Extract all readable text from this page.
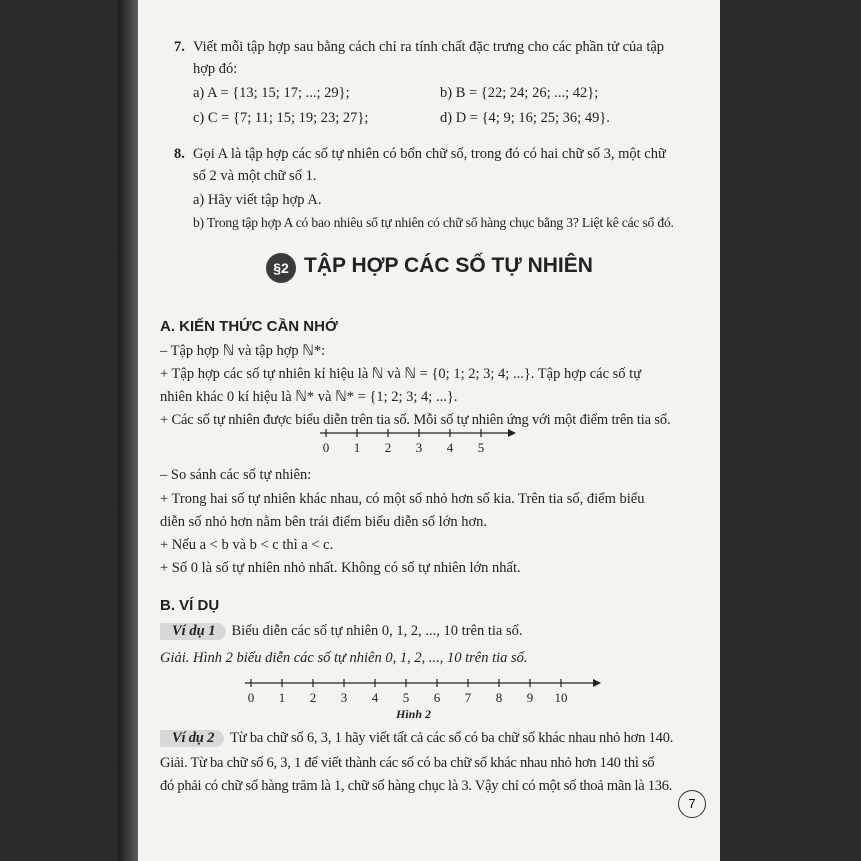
7. Viết mỗi tập hợp sau bằng cách chỉ ra tính chất đặc trưng cho các phần tử của tập
hợp đó:
a) A = {13; 15; 17; ...; 29};	b) B = {22; 24; 26; ...; 42};
c) C = {7; 11; 15; 19; 23; 27};	d) D = {4; 9; 16; 25; 36; 49}.
8. Gọi A là tập hợp các số tự nhiên có bốn chữ số, trong đó có hai chữ số 3, một chữ
số 2 và một chữ số 1.
a) Hãy viết tập hợp A.
b) Trong tập hợp A có bao nhiêu số tự nhiên có chữ số hàng chục bằng 3? Liệt kê các số đó.
§2 TẬP HỢP CÁC SỐ TỰ NHIÊN
A. KIẾN THỨC CẦN NHỚ
– Tập hợp ℕ và tập hợp ℕ*:
+ Tập hợp các số tự nhiên kí hiệu là ℕ và ℕ = {0; 1; 2; 3; 4; ...}. Tập hợp các số tự
nhiên khác 0 kí hiệu là ℕ* và ℕ* = {1; 2; 3; 4; ...}.
+ Các số tự nhiên được biểu diễn trên tia số. Mỗi số tự nhiên ứng với một điểm trên tia số.
0 1 2 3 4 5
– So sánh các số tự nhiên:
+ Trong hai số tự nhiên khác nhau, có một số nhỏ hơn số kia. Trên tia số, điểm biểu
diễn số nhỏ hơn nằm bên trái điểm biểu diễn số lớn hơn.
+ Nếu a < b và b < c thì a < c.
+ Số 0 là số tự nhiên nhỏ nhất. Không có số tự nhiên lớn nhất.
B. VÍ DỤ
Ví dụ 1 Biểu diễn các số tự nhiên 0, 1, 2, ..., 10 trên tia số.
Giải. Hình 2 biểu diễn các số tự nhiên 0, 1, 2, ..., 10 trên tia số.
0 1 2 3 4 5 6 7 8 9 10
Hình 2
Ví dụ 2 Từ ba chữ số 6, 3, 1 hãy viết tất cả các số có ba chữ số khác nhau nhỏ hơn 140.
Giải. Từ ba chữ số 6, 3, 1 để viết thành các số có ba chữ số khác nhau nhỏ hơn 140 thì số
đó phải có chữ số hàng trăm là 1, chữ số hàng chục là 3. Vậy chỉ có một số thoả mãn là 136.
7
